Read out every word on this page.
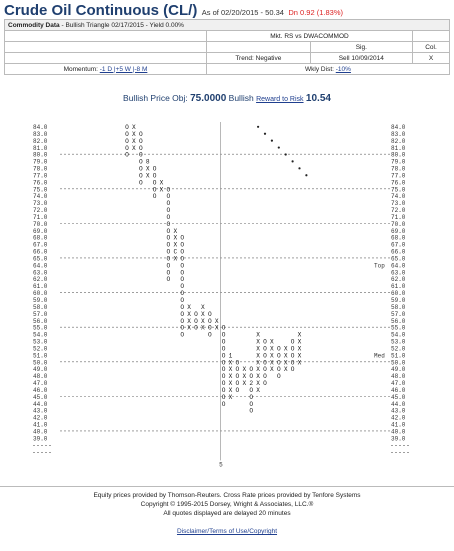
Crude Oil Continuous (CL/) As of 02/20/2015 - 50.34 Dn 0.92 (1.83%)
Commodity Data - Bullish Triangle 02/17/2015 - Yield 0.00%			
	Mkt. RS vs DWACOMMOD		
		Sig.	Col.
	Trend: Negative	Sell 10/09/2014	X
Momentum: -1 D |+5 W |-8 M	Wkly Dist: -10%		
Bullish Price Obj: 75.0000 Bullish Reward to Risk 10.54
84.0	84.0
83.0	83.0
82.0	82.0
81.0	81.0
80.0	80.0
79.0	79.0
78.0	78.0
77.0	77.0
76.0	76.0
75.0	75.0
74.0	74.0
73.0	73.0
72.0	72.0
71.0	71.0
70.0	70.0
69.0	69.0
68.0	68.0
67.0	67.0
66.0	66.0
65.0	65.0
64.0	64.0
63.0	63.0
62.0	62.0
61.0	61.0
60.0	60.0
59.0	59.0
58.0	58.0
57.0	57.0
56.0	56.0
55.0	55.0
54.0	54.0
53.0	53.0
52.0	52.0
51.0	51.0
50.0	50.0
49.0	49.0
48.0	48.0
47.0	47.0
46.0	46.0
45.0	45.0
44.0	44.0
43.0	43.0
42.0	42.0
41.0	41.0
40.0	40.0
39.0	39.0
5
O
O
O
O
O
X
X
X
X
O
O
O
O
O
O
O
O
8
X
X
O
O
O
O
O
X
X O
O
O
O
O
O
O
O
O
O
O
O
O
O
X
X
X
C
X
O
O
O
O
O
O
O
O
O
O
O
O
O
O
O
X
X
X
X
O
O
O
X
X
X
X
O
O
O
O
X
X O
O
O
O
O
O
O
O
O
O
O
O
1
X
X
X
X
X
X
O
O
O
O
O
X
X
X
O
O
2
O
O
O
O
X
X
X
X
X
X
X
X
X
O
O
O
O
O
O
O
X
X
X
X
X
O
O
O
O
O
X
X
X
X
O
O
O
O
O
X
X
X
X
X
Top
Med
Equity prices provided by Thomson-Reuters. Cross Rate prices provided by Tenfore Systems
Copyright © 1995-2015 Dorsey, Wright & Associates, LLC.®
All quotes displayed are delayed 20 minutes
Disclaimer/Terms of Use/Copyright
